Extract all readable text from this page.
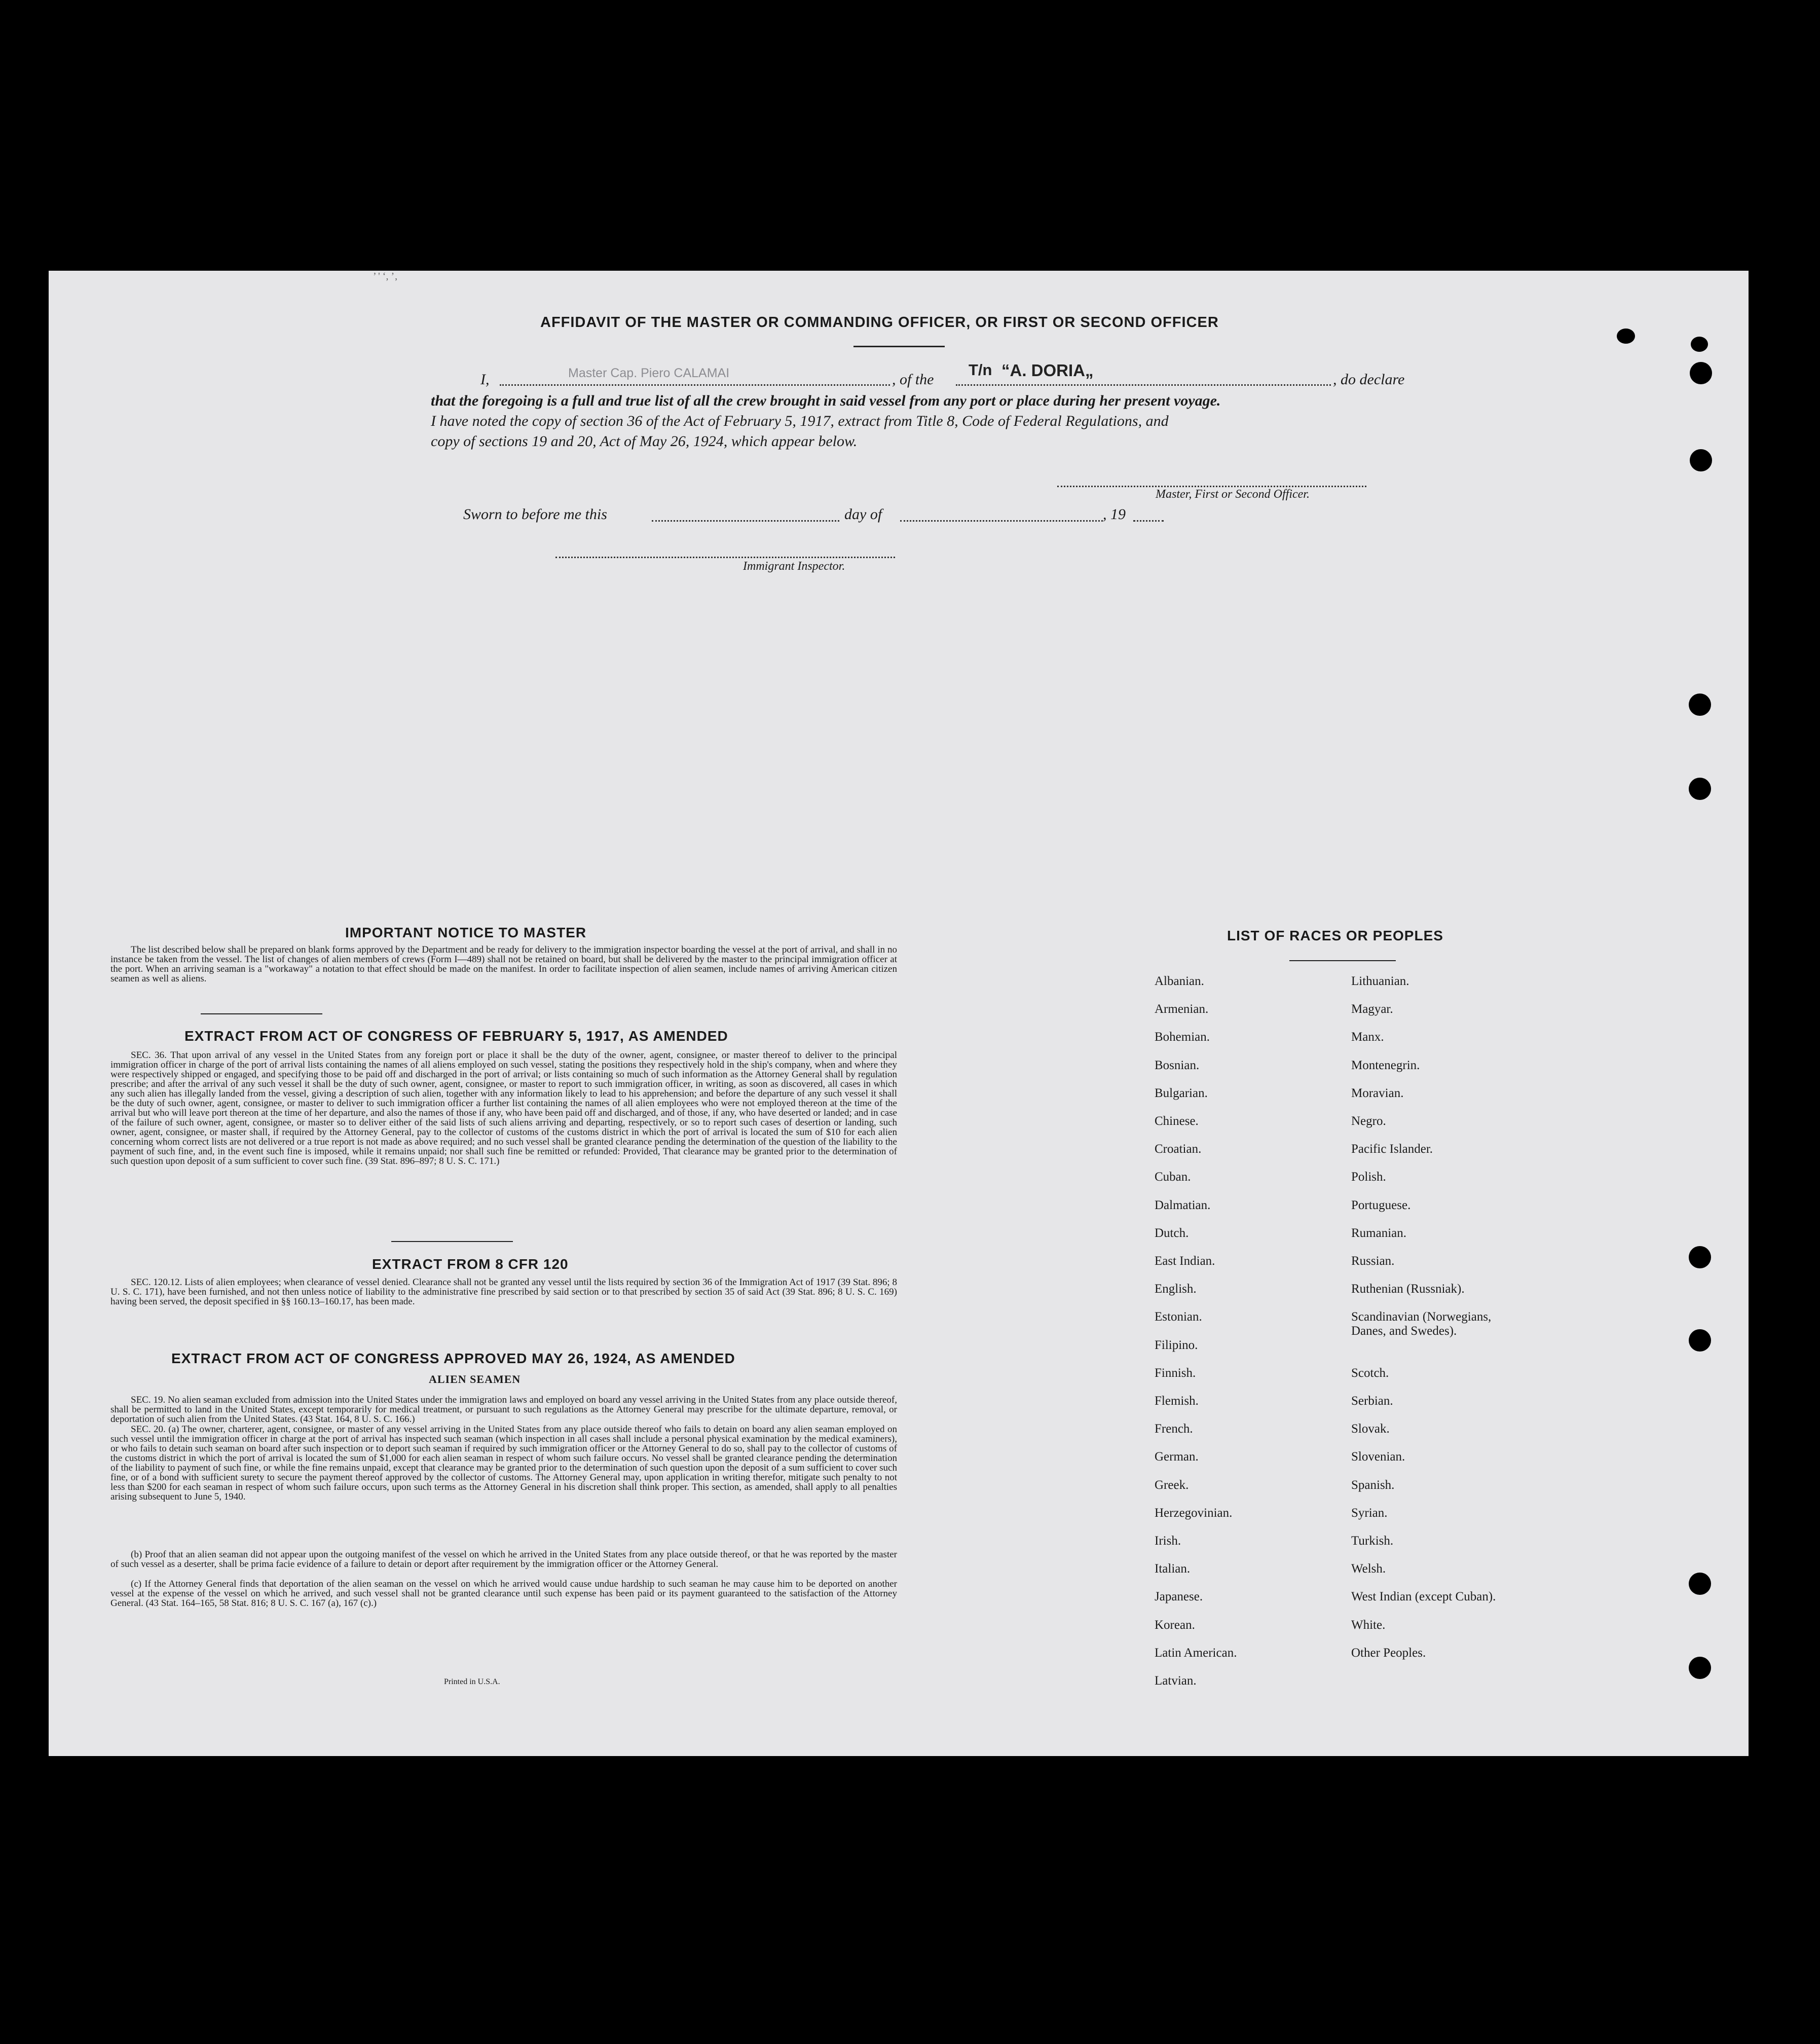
’ ' ‘, ’‚
AFFIDAVIT OF THE MASTER OR COMMANDING OFFICER, OR FIRST OR SECOND OFFICER
I,	Master Cap. Piero CALAMAI	, of the
T/n “A. DORIA„	, do declare
that the foregoing is a full and true list of all the crew brought in said vessel from any port or place during her present voyage.
I have noted the copy of section 36 of the Act of February 5, 1917, extract from Title 8, Code of Federal Regulations, and
copy of sections 19 and 20, Act of May 26, 1924, which appear below.
Master, First or Second Officer.
Sworn to before me this	day of	, 19
Immigrant Inspector.
IMPORTANT NOTICE TO MASTER
The list described below shall be prepared on blank forms approved by the Department and be ready for delivery to the immigration inspector boarding the vessel at the port of arrival, and shall in no instance be taken from the vessel. The list of changes of alien members of crews (Form I—489) shall not be retained on board, but shall be delivered by the master to the principal immigration officer at the port. When an arriving seaman is a "workaway" a notation to that effect should be made on the manifest. In order to facilitate inspection of alien seamen, include names of arriving American citizen seamen as well as aliens.
EXTRACT FROM ACT OF CONGRESS OF FEBRUARY 5, 1917, AS AMENDED
SEC. 36. That upon arrival of any vessel in the United States from any foreign port or place it shall be the duty of the owner, agent, consignee, or master thereof to deliver to the principal immigration officer in charge of the port of arrival lists containing the names of all aliens employed on such vessel, stating the positions they respectively hold in the ship's company, when and where they were respectively shipped or engaged, and specifying those to be paid off and discharged in the port of arrival; or lists containing so much of such information as the Attorney General shall by regulation prescribe; and after the arrival of any such vessel it shall be the duty of such owner, agent, consignee, or master to report to such immigration officer, in writing, as soon as discovered, all cases in which any such alien has illegally landed from the vessel, giving a description of such alien, together with any information likely to lead to his apprehension; and before the departure of any such vessel it shall be the duty of such owner, agent, consignee, or master to deliver to such immigration officer a further list containing the names of all alien employees who were not employed thereon at the time of the arrival but who will leave port thereon at the time of her departure, and also the names of those if any, who have been paid off and discharged, and of those, if any, who have deserted or landed; and in case of the failure of such owner, agent, consignee, or master so to deliver either of the said lists of such aliens arriving and departing, respectively, or so to report such cases of desertion or landing, such owner, agent, consignee, or master shall, if required by the Attorney General, pay to the collector of customs of the customs district in which the port of arrival is located the sum of $10 for each alien concerning whom correct lists are not delivered or a true report is not made as above required; and no such vessel shall be granted clearance pending the determination of the question of the liability to the payment of such fine, and, in the event such fine is imposed, while it remains unpaid; nor shall such fine be remitted or refunded: Provided, That clearance may be granted prior to the determination of such question upon deposit of a sum sufficient to cover such fine. (39 Stat. 896–897; 8 U. S. C. 171.)
EXTRACT FROM 8 CFR 120
SEC. 120.12. Lists of alien employees; when clearance of vessel denied. Clearance shall not be granted any vessel until the lists required by section 36 of the Immigration Act of 1917 (39 Stat. 896; 8 U. S. C. 171), have been furnished, and not then unless notice of liability to the administrative fine prescribed by said section or to that prescribed by section 35 of said Act (39 Stat. 896; 8 U. S. C. 169) having been served, the deposit specified in §§ 160.13–160.17, has been made.
EXTRACT FROM ACT OF CONGRESS APPROVED MAY 26, 1924, AS AMENDED
ALIEN SEAMEN
SEC. 19. No alien seaman excluded from admission into the United States under the immigration laws and employed on board any vessel arriving in the United States from any place outside thereof, shall be permitted to land in the United States, except temporarily for medical treatment, or pursuant to such regulations as the Attorney General may prescribe for the ultimate departure, removal, or deportation of such alien from the United States. (43 Stat. 164, 8 U. S. C. 166.)
SEC. 20. (a) The owner, charterer, agent, consignee, or master of any vessel arriving in the United States from any place outside thereof who fails to detain on board any alien seaman employed on such vessel until the immigration officer in charge at the port of arrival has inspected such seaman (which inspection in all cases shall include a personal physical examination by the medical examiners), or who fails to detain such seaman on board after such inspection or to deport such seaman if required by such immigration officer or the Attorney General to do so, shall pay to the collector of customs of the customs district in which the port of arrival is located the sum of $1,000 for each alien seaman in respect of whom such failure occurs. No vessel shall be granted clearance pending the determination of the liability to payment of such fine, or while the fine remains unpaid, except that clearance may be granted prior to the determination of such question upon the deposit of a sum sufficient to cover such fine, or of a bond with sufficient surety to secure the payment thereof approved by the collector of customs. The Attorney General may, upon application in writing therefor, mitigate such penalty to not less than $200 for each seaman in respect of whom such failure occurs, upon such terms as the Attorney General in his discretion shall think proper. This section, as amended, shall apply to all penalties arising subsequent to June 5, 1940.
(b) Proof that an alien seaman did not appear upon the outgoing manifest of the vessel on which he arrived in the United States from any place outside thereof, or that he was reported by the master of such vessel as a deserter, shall be prima facie evidence of a failure to detain or deport after requirement by the immigration officer or the Attorney General.
(c) If the Attorney General finds that deportation of the alien seaman on the vessel on which he arrived would cause undue hardship to such seaman he may cause him to be deported on another vessel at the expense of the vessel on which he arrived, and such vessel shall not be granted clearance until such expense has been paid or its payment guaranteed to the satisfaction of the Attorney General. (43 Stat. 164–165, 58 Stat. 816; 8 U. S. C. 167 (a), 167 (c).)
Printed in U.S.A.
LIST OF RACES OR PEOPLES
Albanian.
Armenian.
Bohemian.
Bosnian.
Bulgarian.
Chinese.
Croatian.
Cuban.
Dalmatian.
Dutch.
East Indian.
English.
Estonian.
Filipino.
Finnish.
Flemish.
French.
German.
Greek.
Herzegovinian.
Irish.
Italian.
Japanese.
Korean.
Latin American.
Latvian.
Lithuanian.
Magyar.
Manx.
Montenegrin.
Moravian.
Negro.
Pacific Islander.
Polish.
Portuguese.
Rumanian.
Russian.
Ruthenian (Russniak).
Scandinavian (Norwegians, Danes, and Swedes).
Scotch.
Serbian.
Slovak.
Slovenian.
Spanish.
Syrian.
Turkish.
Welsh.
West Indian (except Cuban).
White.
Other Peoples.
